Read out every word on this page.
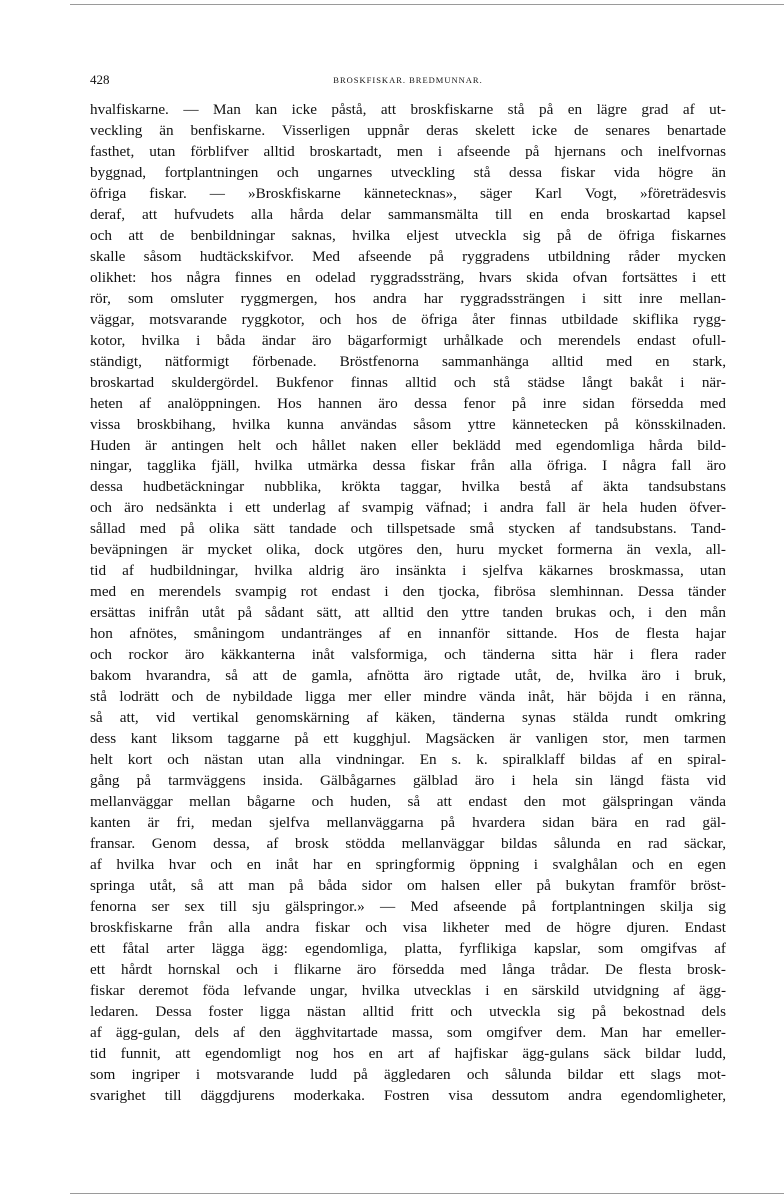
428	BROSKFISKAR. BREDMUNNAR.
hvalfiskarne. — Man kan icke påstå, att broskfiskarne stå på en lägre grad af ut-
veckling än benfiskarne. Visserligen uppnår deras skelett icke de senares benartade
fasthet, utan förblifver alltid broskartadt, men i afseende på hjernans och inelfvornas
byggnad, fortplantningen och ungarnes utveckling stå dessa fiskar vida högre än
öfriga fiskar. — »Broskfiskarne kännetecknas», säger Karl Vogt, »företrädesvis
deraf, att hufvudets alla hårda delar sammansmälta till en enda broskartad kapsel
och att de benbildningar saknas, hvilka eljest utveckla sig på de öfriga fiskarnes
skalle såsom hudtäckskifvor. Med afseende på ryggradens utbildning råder mycken
olikhet: hos några finnes en odelad ryggradssträng, hvars skida ofvan fortsättes i ett
rör, som omsluter ryggmergen, hos andra har ryggradssträngen i sitt inre mellan-
väggar, motsvarande ryggkotor, och hos de öfriga åter finnas utbildade skiflika rygg-
kotor, hvilka i båda ändar äro bägarformigt urhålkade och merendels endast ofull-
ständigt, nätformigt förbenade. Bröstfenorna sammanhänga alltid med en stark,
broskartad skuldergördel. Bukfenor finnas alltid och stå städse långt bakåt i när-
heten af analöppningen. Hos hannen äro dessa fenor på inre sidan försedda med
vissa broskbihang, hvilka kunna användas såsom yttre kännetecken på könsskilnaden.
Huden är antingen helt och hållet naken eller beklädd med egendomliga hårda bild-
ningar, tagglika fjäll, hvilka utmärka dessa fiskar från alla öfriga. I några fall äro
dessa hudbetäckningar nubblika, krökta taggar, hvilka bestå af äkta tandsubstans
och äro nedsänkta i ett underlag af svampig väfnad; i andra fall är hela huden öfver-
sållad med på olika sätt tandade och tillspetsade små stycken af tandsubstans. Tand-
beväpningen är mycket olika, dock utgöres den, huru mycket formerna än vexla, all-
tid af hudbildningar, hvilka aldrig äro insänkta i sjelfva käkarnes broskmassa, utan
med en merendels svampig rot endast i den tjocka, fibrösa slemhinnan. Dessa tänder
ersättas inifrån utåt på sådant sätt, att alltid den yttre tanden brukas och, i den mån
hon afnötes, småningom undantränges af en innanför sittande. Hos de flesta hajar
och rockor äro käkkanterna inåt valsformiga, och tänderna sitta här i flera rader
bakom hvarandra, så att de gamla, afnötta äro rigtade utåt, de, hvilka äro i bruk,
stå lodrätt och de nybildade ligga mer eller mindre vända inåt, här böjda i en ränna,
så att, vid vertikal genomskärning af käken, tänderna synas stälda rundt omkring
dess kant liksom taggarne på ett kugghjul. Magsäcken är vanligen stor, men tarmen
helt kort och nästan utan alla vindningar. En s. k. spiralklaff bildas af en spiral-
gång på tarmväggens insida. Gälbågarnes gälblad äro i hela sin längd fästa vid
mellanväggar mellan bågarne och huden, så att endast den mot gälspringan vända
kanten är fri, medan sjelfva mellanväggarna på hvardera sidan bära en rad gäl-
fransar. Genom dessa, af brosk stödda mellanväggar bildas sålunda en rad säckar,
af hvilka hvar och en inåt har en springformig öppning i svalghålan och en egen
springa utåt, så att man på båda sidor om halsen eller på bukytan framför bröst-
fenorna ser sex till sju gälspringor.» — Med afseende på fortplantningen skilja sig
broskfiskarne från alla andra fiskar och visa likheter med de högre djuren. Endast
ett fåtal arter lägga ägg: egendomliga, platta, fyrflikiga kapslar, som omgifvas af
ett hårdt hornskal och i flikarne äro försedda med långa trådar. De flesta brosk-
fiskar deremot föda lefvande ungar, hvilka utvecklas i en särskild utvidgning af ägg-
ledaren. Dessa foster ligga nästan alltid fritt och utveckla sig på bekostnad dels
af ägg-gulan, dels af den ägghvitartade massa, som omgifver dem. Man har emeller-
tid funnit, att egendomligt nog hos en art af hajfiskar ägg-gulans säck bildar ludd,
som ingriper i motsvarande ludd på äggledaren och sålunda bildar ett slags mot-
svarighet till däggdjurens moderkaka. Fostren visa dessutom andra egendomligheter,
